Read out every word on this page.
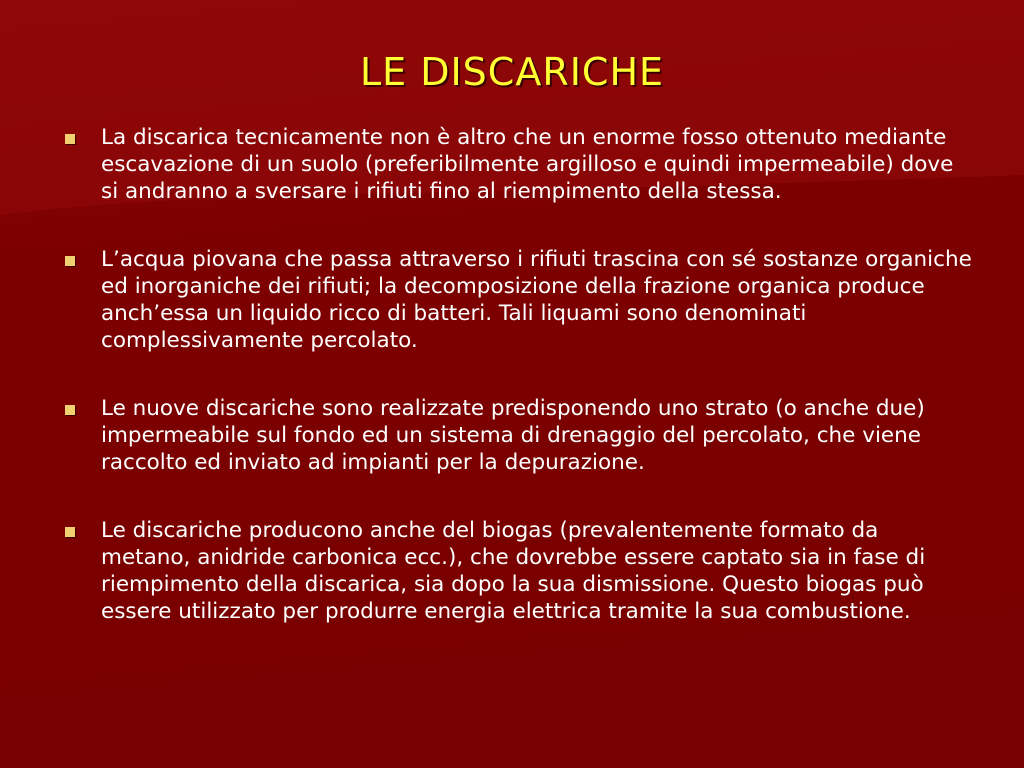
LE DISCARICHE
La discarica tecnicamente non è altro che un enorme fosso ottenuto mediante escavazione di un suolo (preferibilmente argilloso e quindi impermeabile) dove si andranno a sversare i rifiuti fino al riempimento della stessa.
L’acqua piovana che passa attraverso i rifiuti trascina con sé sostanze organiche ed inorganiche dei rifiuti; la decomposizione della frazione organica produce anch’essa un liquido ricco di batteri. Tali liquami sono denominati complessivamente percolato.
Le nuove discariche sono realizzate predisponendo uno strato (o anche due) impermeabile sul fondo ed un sistema di drenaggio del percolato, che viene raccolto ed inviato ad impianti per la depurazione.
Le discariche producono anche del biogas (prevalentemente formato da metano, anidride carbonica ecc.), che dovrebbe essere captato sia in fase di riempimento della discarica, sia dopo la sua dismissione. Questo biogas può essere utilizzato per produrre energia elettrica tramite la sua combustione.
